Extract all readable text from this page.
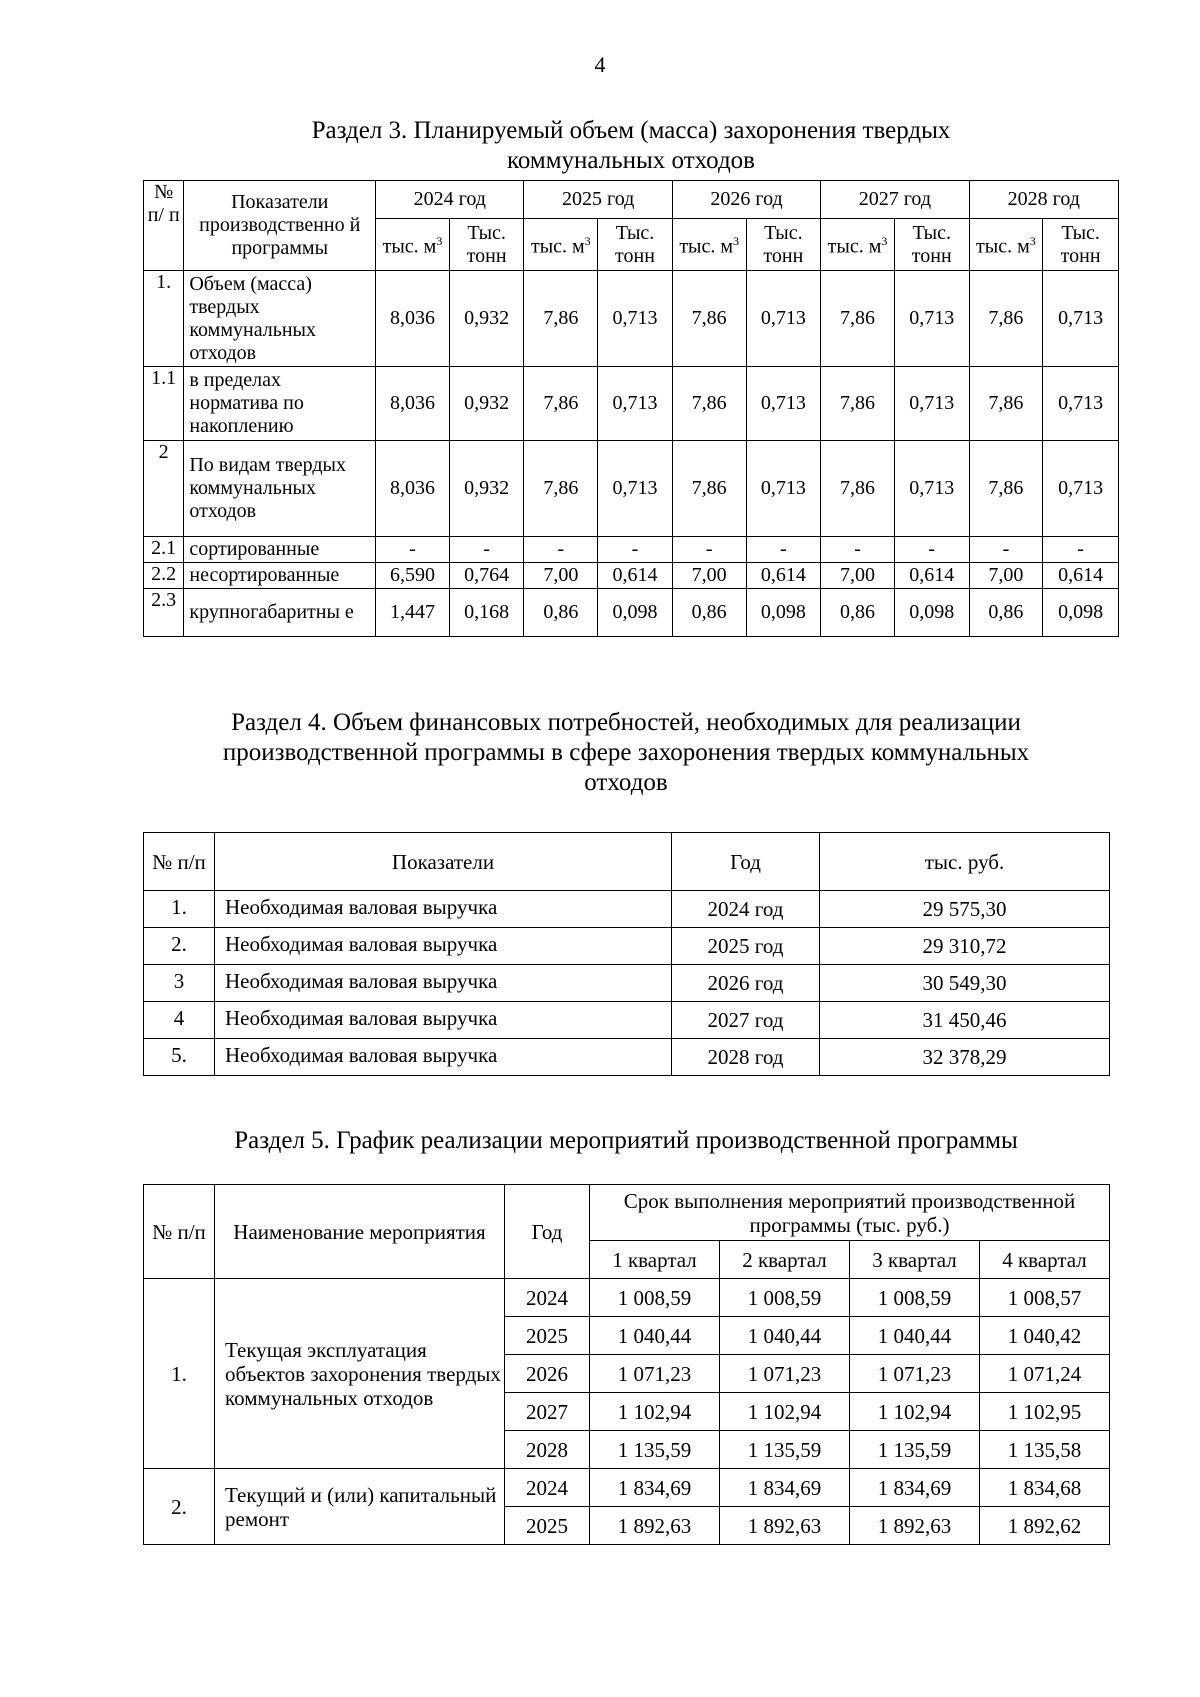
4
Раздел 3. Планируемый объем (масса) захоронения твердых
коммунальных отходов
№ п/ п	Показатели производственно й программы	2024 год		2025 год		2026 год		2027 год		2028 год	
		тыс. $м^3$	Тыс. тонн	тыс. $м^3$	Тыс. тонн	тыс. $м^3$	Тыс. тонн	тыс. $м^3$	Тыс. тонн	тыс. $м^3$	Тыс. тонн
1.	Объем (масса) твердых коммунальных отходов	8,036	0,932	7,86	0,713	7,86	0,713	7,86	0,713	7,86	0,713
1.1	в пределах норматива по накоплению	8,036	0,932	7,86	0,713	7,86	0,713	7,86	0,713	7,86	0,713
2	По видам твердых коммунальных отходов	8,036	0,932	7,86	0,713	7,86	0,713	7,86	0,713	7,86	0,713
2.1	сортированные	-	-	-	-	-	-	-	-	-	-
2.2	несортированные	6,590	0,764	7,00	0,614	7,00	0,614	7,00	0,614	7,00	0,614
2.3	крупногабаритны е	1,447	0,168	0,86	0,098	0,86	0,098	0,86	0,098	0,86	0,098
Раздел 4. Объем финансовых потребностей, необходимых для реализации
производственной программы в сфере захоронения твердых коммунальных
отходов
№ п/п	Показатели	Год	тыс. руб.
1.	Необходимая валовая выручка	2024 год	29 575,30
2.	Необходимая валовая выручка	2025 год	29 310,72
3	Необходимая валовая выручка	2026 год	30 549,30
4	Необходимая валовая выручка	2027 год	31 450,46
5.	Необходимая валовая выручка	2028 год	32 378,29
Раздел 5. График реализации мероприятий производственной программы
№ п/п	Наименование мероприятия	Год	Срок выполнения мероприятий производственной программы (тыс. руб.)			
			1 квартал	2 квартал	3 квартал	4 квартал
1.	Текущая эксплуатация объектов захоронения твердых коммунальных отходов	2024	1 008,59	1 008,59	1 008,59	1 008,57
		2025	1 040,44	1 040,44	1 040,44	1 040,42
		2026	1 071,23	1 071,23	1 071,23	1 071,24
		2027	1 102,94	1 102,94	1 102,94	1 102,95
		2028	1 135,59	1 135,59	1 135,59	1 135,58
2.	Текущий и (или) капитальный ремонт	2024	1 834,69	1 834,69	1 834,69	1 834,68
		2025	1 892,63	1 892,63	1 892,63	1 892,62
